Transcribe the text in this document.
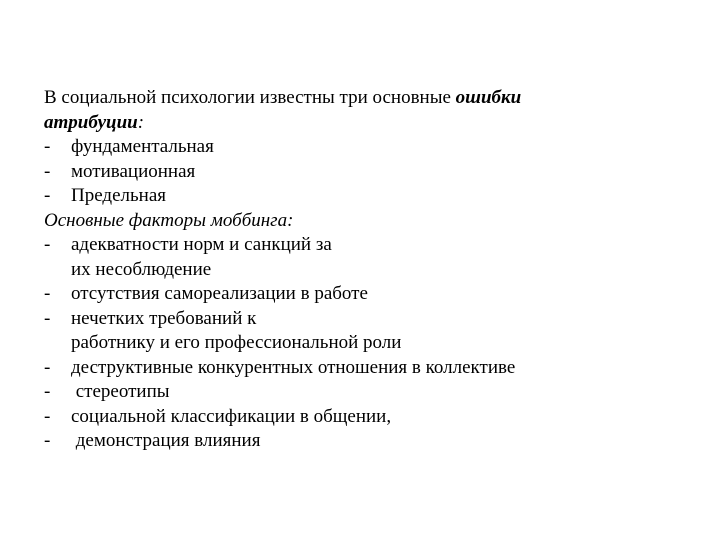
В социальной психологии известны три основные ошибки

атрибуции:

-	фундаментальная
-	мотивационная
-	Предельная

Основные факторы моббинга:

-	адекватности норм и санкций за
их несоблюдение
-	отсутствия самореализации в работе
-	нечетких требований к
работнику и его профессиональной роли
-	деструктивные конкурентных отношения в коллективе
-	стереотипы
-	социальной классификации в общении,
-	демонстрация влияния
